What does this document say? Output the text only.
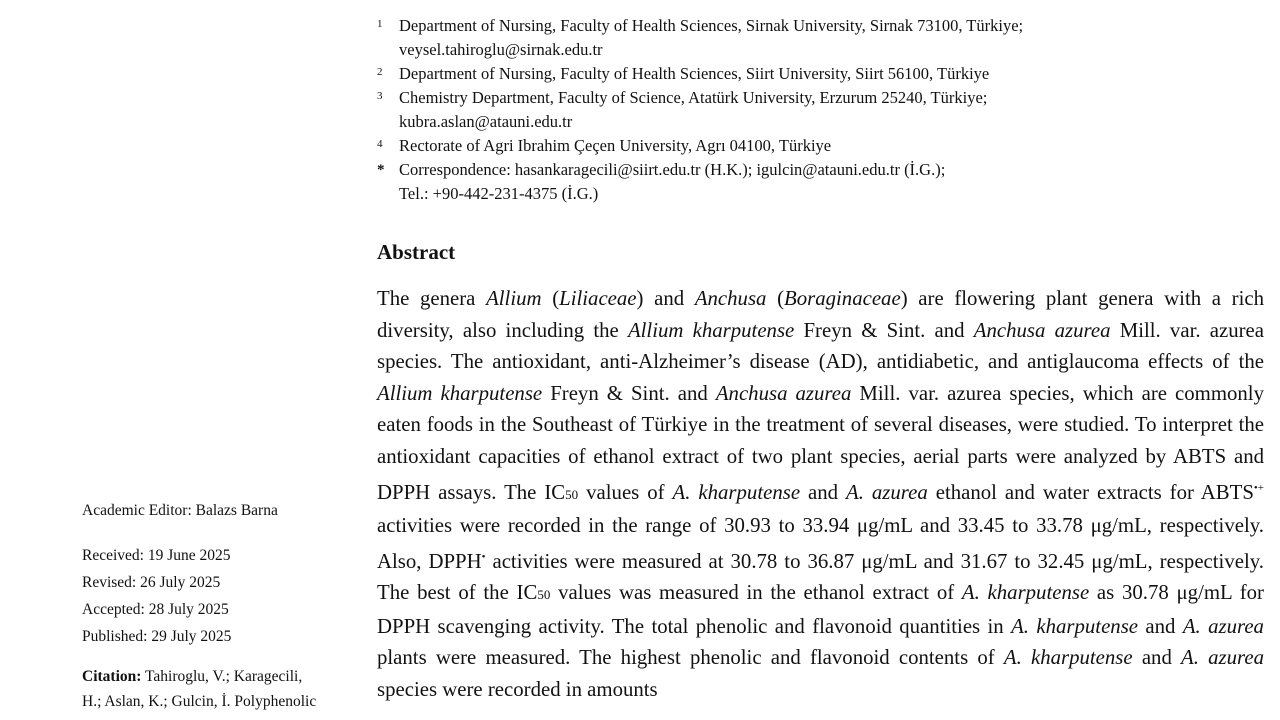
1 Department of Nursing, Faculty of Health Sciences, Sirnak University, Sirnak 73100, Türkiye;
veysel.tahiroglu@sirnak.edu.tr
2 Department of Nursing, Faculty of Health Sciences, Siirt University, Siirt 56100, Türkiye
3 Chemistry Department, Faculty of Science, Atatürk University, Erzurum 25240, Türkiye;
kubra.aslan@atauni.edu.tr
4 Rectorate of Agri Ibrahim Çeçen University, Agrı 04100, Türkiye
* Correspondence: hasankaragecili@siirt.edu.tr (H.K.); igulcin@atauni.edu.tr (İ.G.);
Tel.: +90-442-231-4375 (İ.G.)
Abstract

The genera Allium (Liliaceae) and Anchusa (Boraginaceae) are flowering plant genera with a rich diversity, also including the Allium kharputense Freyn & Sint. and Anchusa azurea Mill. var. azurea species. The antioxidant, anti-Alzheimer’s disease (AD), antidiabetic, and antiglaucoma effects of the Allium kharputense Freyn & Sint. and Anchusa azurea Mill. var. azurea species, which are commonly eaten foods in the Southeast of Türkiye in the treatment of several diseases, were studied. To interpret the antioxidant capacities of ethanol extract of two plant species, aerial parts were analyzed by ABTS and DPPH assays. The IC50 values of A. kharputense and A. azurea ethanol and water extracts for ABTS•+ activities were recorded in the range of 30.93 to 33.94 μg/mL and 33.45 to 33.78 μg/mL, respectively. Also, DPPH• activities were measured at 30.78 to 36.87 μg/mL and 31.67 to 32.45 μg/mL, respectively. The best of the IC50 values was measured in the ethanol extract of A. kharputense as 30.78 μg/mL for DPPH scavenging activity. The total phenolic and flavonoid quantities in A. kharputense and A. azurea plants were measured. The highest phenolic and flavonoid contents of A. kharputense and A. azurea species were recorded in amounts

Academic Editor: Balazs Barna
Received: 19 June 2025
Revised: 26 July 2025
Accepted: 28 July 2025
Published: 29 July 2025
Citation: Tahiroglu, V.; Karagecili,
H.; Aslan, K.; Gulcin, İ. Polyphenolic
